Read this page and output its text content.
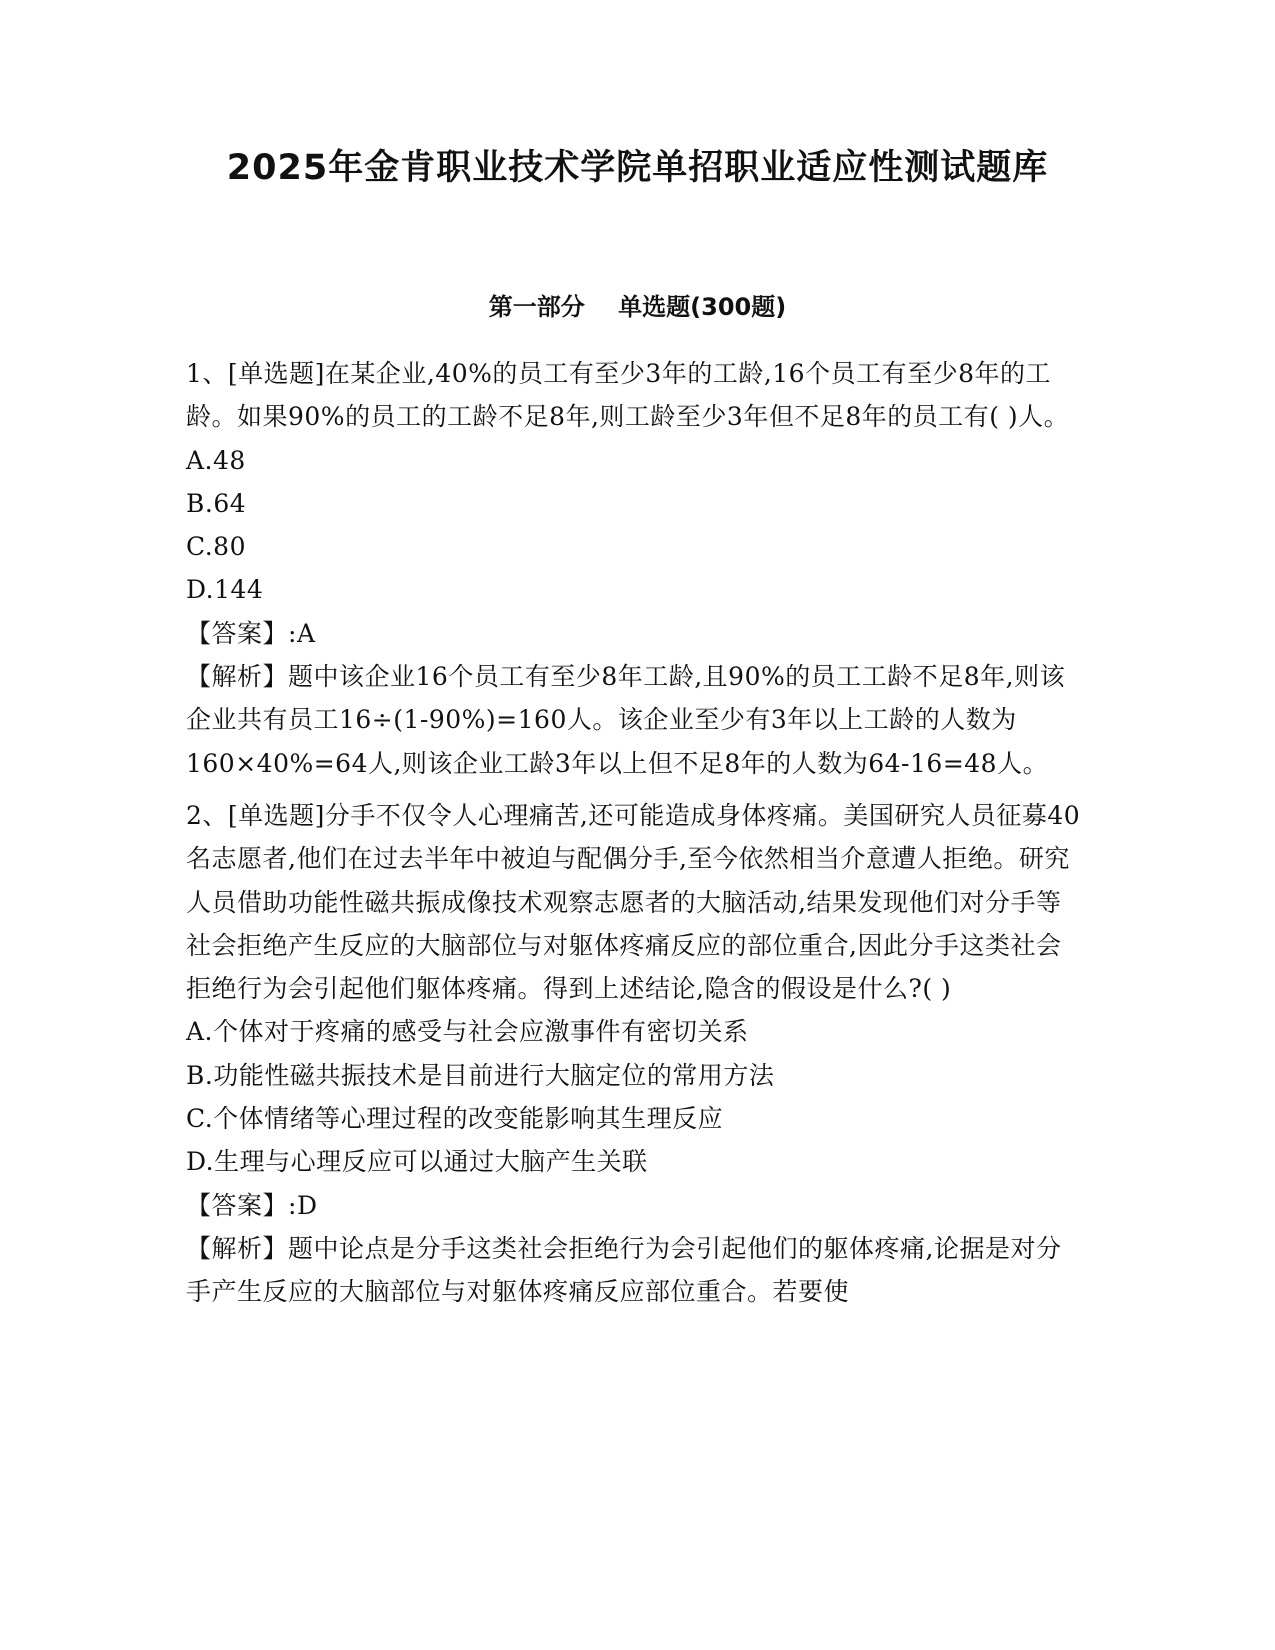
2025年金肯职业技术学院单招职业适应性测试题库
第一部分    单选题(300题)

1、[单选题]在某企业,40%的员工有至少3年的工龄,16个员工有至少8年的工龄。如果90%的员工的工龄不足8年,则工龄至少3年但不足8年的员工有( )人。

A.48

B.64

C.80

D.144

【答案】:A

【解析】题中该企业16个员工有至少8年工龄,且90%的员工工龄不足8年,则该企业共有员工16÷(1-90%)=160人。该企业至少有3年以上工龄的人数为160×40%=64人,则该企业工龄3年以上但不足8年的人数为64-16=48人。

2、[单选题]分手不仅令人心理痛苦,还可能造成身体疼痛。美国研究人员征募40名志愿者,他们在过去半年中被迫与配偶分手,至今依然相当介意遭人拒绝。研究人员借助功能性磁共振成像技术观察志愿者的大脑活动,结果发现他们对分手等社会拒绝产生反应的大脑部位与对躯体疼痛反应的部位重合,因此分手这类社会拒绝行为会引起他们躯体疼痛。得到上述结论,隐含的假设是什么?( )

A.个体对于疼痛的感受与社会应激事件有密切关系

B.功能性磁共振技术是目前进行大脑定位的常用方法

C.个体情绪等心理过程的改变能影响其生理反应

D.生理与心理反应可以通过大脑产生关联

【答案】:D

【解析】题中论点是分手这类社会拒绝行为会引起他们的躯体疼痛,论据是对分手产生反应的大脑部位与对躯体疼痛反应部位重合。若要使
